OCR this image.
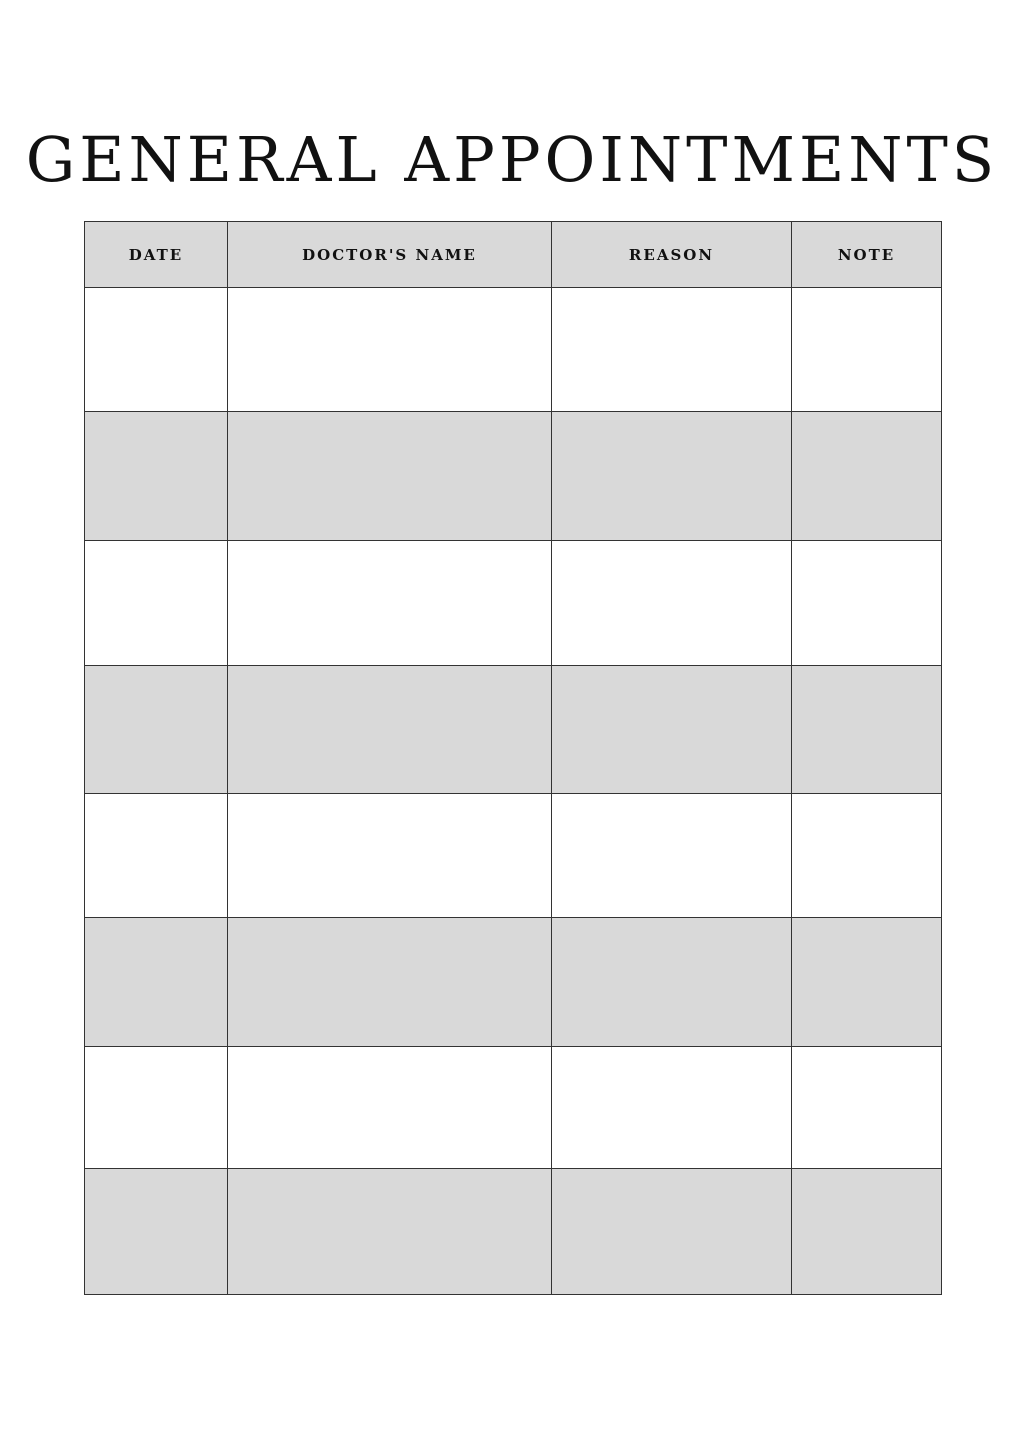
GENERAL APPOINTMENTS
DATE	DOCTOR'S NAME	REASON	NOTE
